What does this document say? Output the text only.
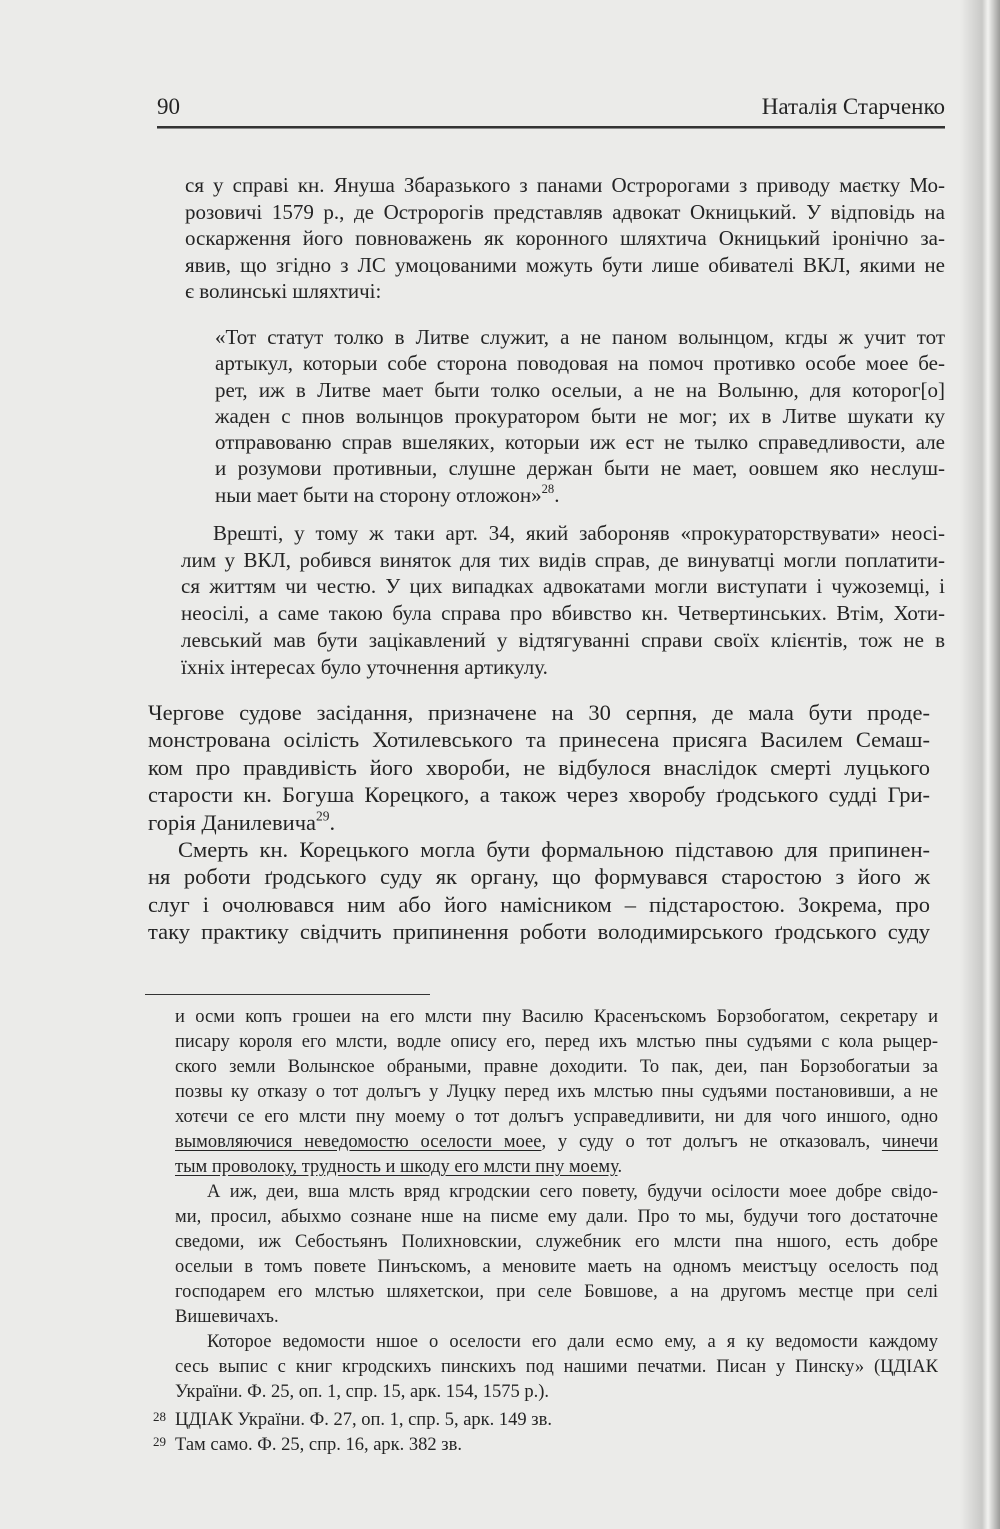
90	Наталія Старченко
ся у справі кн. Януша Збаразького з панами Остророгами з приводу маєтку Мо-
розовичі 1579 р., де Остророгів представляв адвокат Окницький. У відповідь на
оскарження його повноважень як коронного шляхтича Окницький іронічно за-
явив, що згідно з ЛС умоцованими можуть бути лише обивателі ВКЛ, якими не
є волинські шляхтичі:
«Тот статут толко в Литве служит, а не паном волынцом, кгды ж учит тот
артыкул, которыи собе сторона поводовая на помоч противко особе моее бе-
рет, иж в Литве мает быти толко оселыи, а не на Волыню, для которог[о]
жаден с пнов волынцов прокуратором быти не мог; их в Литве шукати ку
отправованю справ вшеляких, которыи иж ест не тылко справедливости, але
и розумови противныи, слушне держан быти не мает, оовшем яко неслуш-
ныи мает быти на сторону отложон»$^{28}$.
Врешті, у тому ж таки арт. 34, який забороняв «прокураторствувати» неосі-
лим у ВКЛ, робився виняток для тих видів справ, де винуватці могли поплатити-
ся життям чи честю. У цих випадках адвокатами могли виступати і чужоземці, і
неосілі, а саме такою була справа про вбивство кн. Четвертинських. Втім, Хоти-
левський мав бути зацікавлений у відтягуванні справи своїх клієнтів, тож не в
їхніх інтересах було уточнення артикулу.
Чергове судове засідання, призначене на 30 серпня, де мала бути проде-
монстрована осілість Хотилевського та принесена присяга Василем Семаш-
ком про правдивість його хвороби, не відбулося внаслідок смерті луцького
старости кн. Богуша Корецкого, а також через хворобу ґродського судді Гри-
горія Данилевича$^{29}$.
Смерть кн. Корецького могла бути формальною підставою для припинен-
ня роботи ґродського суду як органу, що формувався старостою з його ж
слуг і очолювався ним або його намісником – підстаростою. Зокрема, про
таку практику свідчить припинення роботи володимирського ґродського суду
и осми копъ грошеи на его млсти пну Василю Красенъскомъ Борзобогатом, секретару и
писару короля его млсти, водле опису его, перед ихъ млстью пны судъями с кола рыцер-
ского земли Волынское обраными, правне доходити. То пак, деи, пан Борзобогатыи за
позвы ку отказу о тот долъгъ у Луцку перед ихъ млстью пны судъями постановивши, а не
хотєчи се его млсти пну моему о тот долъгъ усправедливити, ни для чого иншого, одно
вымовляючися неведомостю оселости моее, у суду о тот долъгъ не отказовалъ, чинечи
тым проволоку, трудность и шкоду его млсти пну моему.
А иж, деи, вша млсть вряд кгродскии сего повету, будучи осілости моее добре свідо-
ми, просил, абыхмо сознане нше на писме ему дали. Про то мы, будучи того достаточне
сведоми, иж Себостьянъ Полихновскии, служебник его млсти пна ншого, есть добре
оселыи в томъ повете Пинъскомъ, а меновите маеть на одномъ меистъцу оселость под
господарем его млстью шляхетскои, при селе Бовшове, а на другомъ местце при селі
Вишевичахъ.
Которое ведомости ншое о оселости его дали есмо ему, а я ку ведомости каждому
сесь выпис с книг кгродскихъ пинскихъ под нашими печатми. Писан у Пинску» (ЦДІАК
України. Ф. 25, оп. 1, спр. 15, арк. 154, 1575 р.).
28 ЦДІАК України. Ф. 27, оп. 1, спр. 5, арк. 149 зв.
29 Там само. Ф. 25, спр. 16, арк. 382 зв.
